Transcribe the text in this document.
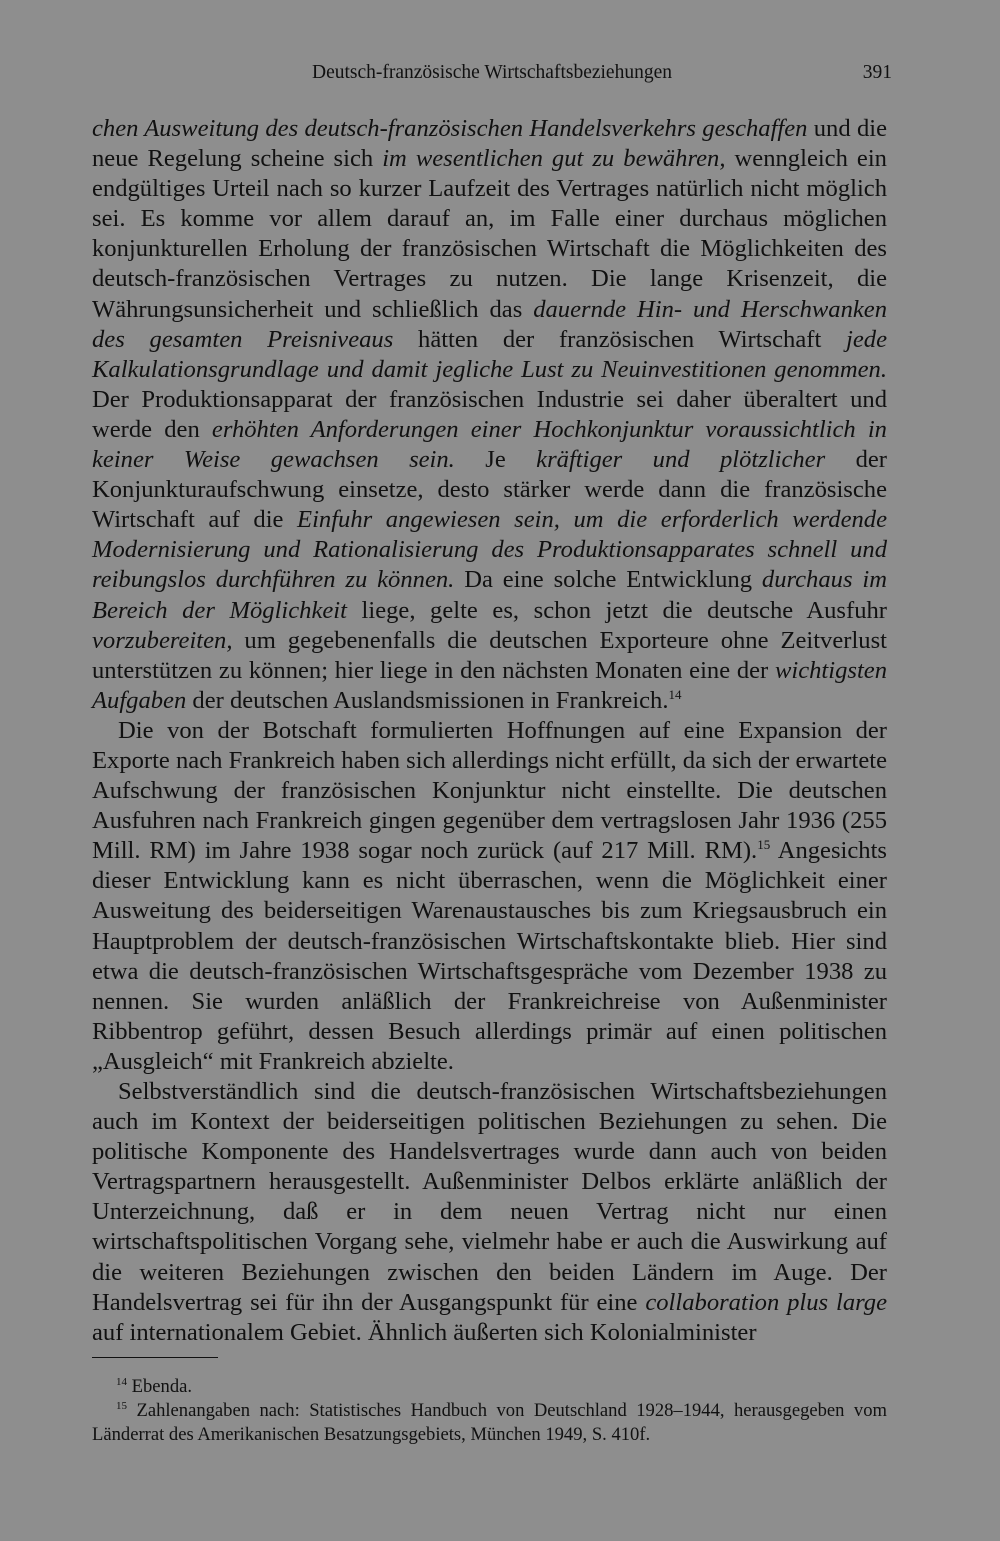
Deutsch-französische Wirtschaftsbeziehungen	391

chen Ausweitung des deutsch-französischen Handelsverkehrs geschaffen und die neue Regelung scheine sich im wesentlichen gut zu bewähren, wenngleich ein endgültiges Urteil nach so kurzer Laufzeit des Vertrages natürlich nicht möglich sei. Es komme vor allem darauf an, im Falle einer durchaus möglichen konjunkturellen Erholung der französischen Wirtschaft die Möglichkeiten des deutsch-französischen Vertrages zu nutzen. Die lange Krisenzeit, die Währungsunsicherheit und schließlich das dauernde Hin- und Herschwanken des gesamten Preisniveaus hätten der französischen Wirtschaft jede Kalkulationsgrundlage und damit jegliche Lust zu Neuinvestitionen genommen. Der Produktionsapparat der französischen Industrie sei daher überaltert und werde den erhöhten Anforderungen einer Hochkonjunktur voraussichtlich in keiner Weise gewachsen sein. Je kräftiger und plötzlicher der Konjunkturaufschwung einsetze, desto stärker werde dann die französische Wirtschaft auf die Einfuhr angewiesen sein, um die erforderlich werdende Modernisierung und Rationalisierung des Produktionsapparates schnell und reibungslos durchführen zu können. Da eine solche Entwicklung durchaus im Bereich der Möglichkeit liege, gelte es, schon jetzt die deutsche Ausfuhr vorzubereiten, um gegebenenfalls die deutschen Exporteure ohne Zeitverlust unterstützen zu können; hier liege in den nächsten Monaten eine der wichtigsten Aufgaben der deutschen Auslandsmissionen in Frankreich.$^{14}$

Die von der Botschaft formulierten Hoffnungen auf eine Expansion der Exporte nach Frankreich haben sich allerdings nicht erfüllt, da sich der erwartete Aufschwung der französischen Konjunktur nicht einstellte. Die deutschen Ausfuhren nach Frankreich gingen gegenüber dem vertragslosen Jahr 1936 (255 Mill. RM) im Jahre 1938 sogar noch zurück (auf 217 Mill. RM).$^{15}$ Angesichts dieser Entwicklung kann es nicht überraschen, wenn die Möglichkeit einer Ausweitung des beiderseitigen Warenaustausches bis zum Kriegsausbruch ein Hauptproblem der deutsch-französischen Wirtschaftskontakte blieb. Hier sind etwa die deutsch-französischen Wirtschaftsgespräche vom Dezember 1938 zu nennen. Sie wurden anläßlich der Frankreichreise von Außenminister Ribbentrop geführt, dessen Besuch allerdings primär auf einen politischen „Ausgleich“ mit Frankreich abzielte.

Selbstverständlich sind die deutsch-französischen Wirtschaftsbeziehungen auch im Kontext der beiderseitigen politischen Beziehungen zu sehen. Die politische Komponente des Handelsvertrages wurde dann auch von beiden Vertragspartnern herausgestellt. Außenminister Delbos erklärte anläßlich der Unterzeichnung, daß er in dem neuen Vertrag nicht nur einen wirtschaftspolitischen Vorgang sehe, vielmehr habe er auch die Auswirkung auf die weiteren Beziehungen zwischen den beiden Ländern im Auge. Der Handelsvertrag sei für ihn der Ausgangspunkt für eine collaboration plus large auf internationalem Gebiet. Ähnlich äußerten sich Kolonialminister

$^{14}$ Ebenda.

$^{15}$ Zahlenangaben nach: Statistisches Handbuch von Deutschland 1928–1944, herausgegeben vom Länderrat des Amerikanischen Besatzungsgebiets, München 1949, S. 410f.
